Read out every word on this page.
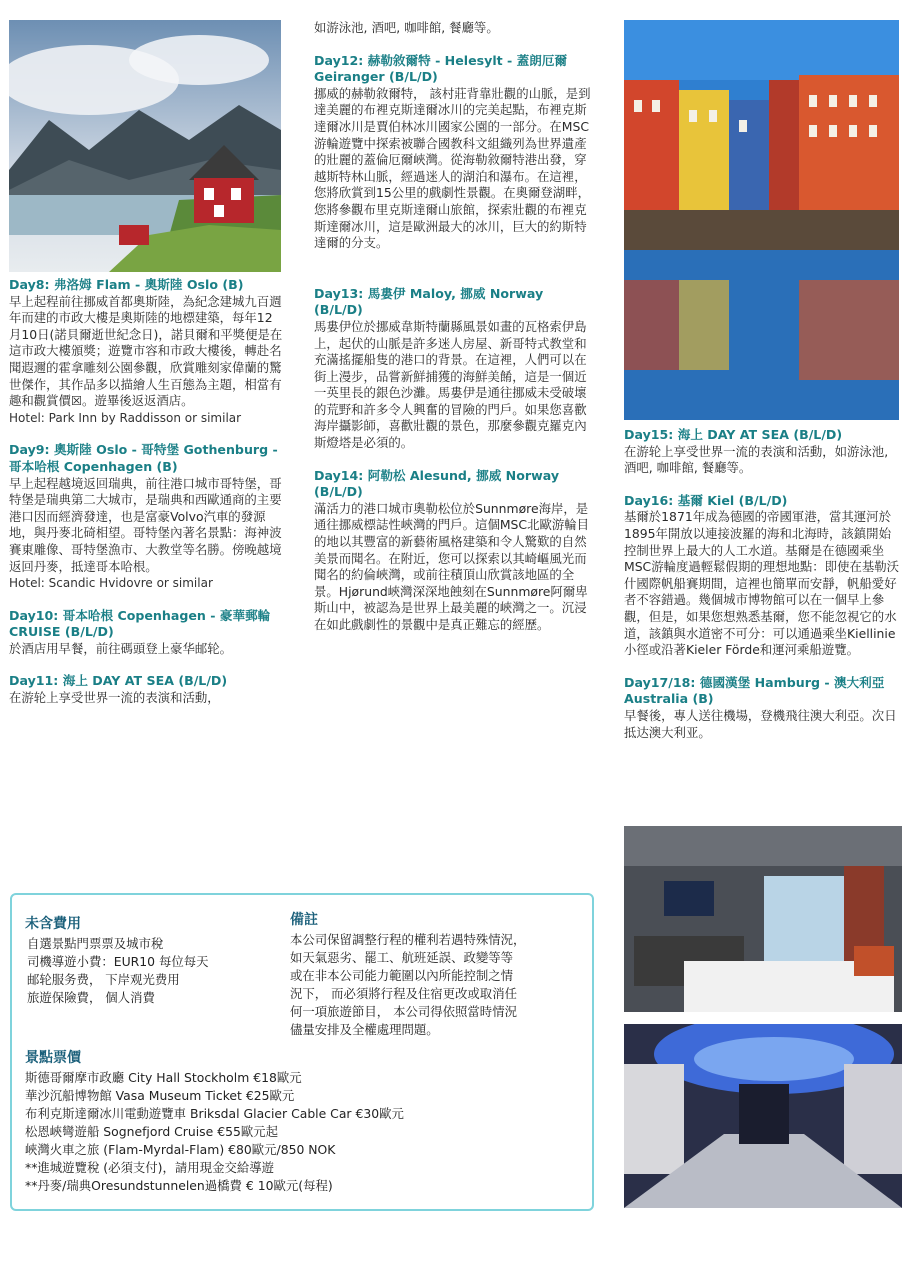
Day8: 弗洛姆 Flam - 奧斯陸 Oslo (B)

早上起程前往挪威首都奧斯陸，為紀念建城九百週年而建的市政大樓是奧斯陸的地標建築，每年12月10日(諾貝爾逝世紀念日)，諾貝爾和平獎便是在這市政大樓頒獎；遊覽市容和市政大樓後，轉赴名聞遐邇的霍拿雕刻公園參觀，欣賞雕刻家偉蘭的驚世傑作，其作品多以描繪人生百態為主題，相當有趣和觀賞價☒。遊畢後返返酒店。

Hotel: Park Inn by Raddisson or similar

Day9: 奧斯陸 Oslo - 哥特堡 Gothenburg - 哥本哈根 Copenhagen (B)

早上起程越境返回瑞典，前往港口城市哥特堡，哥特堡是瑞典第二大城市，是瑞典和西歐通商的主要港口因而經濟發達，也是富豪Volvo汽車的發源地，與丹麥北碕相望。哥特堡內著名景點：海神波賽東雕像、哥特堡漁市、大教堂等名勝。傍晚越境返回丹麥，抵達哥本哈根。

Hotel: Scandic Hvidovre or similar

Day10: 哥本哈根 Copenhagen - 豪華郵輪 CRUISE (B/L/D)

於酒店用早餐，前往碼頭登上豪华邮轮。

Day11: 海上 DAY AT SEA (B/L/D)

在游轮上享受世界一流的表演和活動，

如游泳池, 酒吧, 咖啡館, 餐廳等。

Day12: 赫勒敘爾特 - Helesylt - 蓋朗厄爾 Geiranger (B/L/D)

挪威的赫勒敘爾特， 該村莊背靠壯觀的山脈，是到達美麗的布裡克斯達爾冰川的完美起點，布裡克斯達爾冰川是賈伯林冰川國家公園的一部分。在MSC游輪遊覽中探索被聯合國教科文組織列為世界遺產的壯麗的蓋倫厄爾峽灣。從海勒敘爾特港出發，穿越斯特林山脈，經過迷人的湖泊和瀑布。在這裡，您將欣賞到15公里的戲劇性景觀。在奧爾登湖畔，您將參觀布里克斯達爾山旅館，探索壯觀的布裡克斯達爾冰川，這是歐洲最大的冰川，巨大的約斯特達爾的分支。

Day13: 馬婁伊 Maloy, 挪威 Norway (B/L/D)

馬婁伊位於挪威韋斯特蘭縣風景如畫的瓦格索伊島上，起伏的山脈是許多迷人房屋、新哥特式教堂和充滿搖擺船隻的港口的背景。在這裡，人們可以在街上漫步，品嘗新鮮捕獲的海鮮美餚，這是一個近一英里長的銀色沙灘。馬婁伊是通往挪威未受破壞的荒野和許多令人興奮的冒險的門戶。如果您喜歡海岸攝影師，喜歡壯觀的景色，那麼參觀克羅克內斯燈塔是必須的。

Day14: 阿勒松 Alesund, 挪威 Norway (B/L/D)

滿活力的港口城市奧勒松位於Sunnmøre海岸，是通往挪威標誌性峽灣的門戶。這個MSC北歐游輪目的地以其豐富的新藝術風格建築和令人驚歎的自然美景而聞名。在附近，您可以探索以其崎嶇風光而聞名的約倫峽灣，或前往積頂山欣賞該地區的全景。Hjørund峽灣深深地蝕刻在Sunnmøre阿爾卑斯山中，被認為是世界上最美麗的峽灣之一。沉浸在如此戲劇性的景觀中是真正難忘的經歷。

Day15: 海上 DAY AT SEA (B/L/D)

在游轮上享受世界一流的表演和活動，如游泳池, 酒吧, 咖啡館, 餐廳等。

Day16: 基爾 Kiel (B/L/D)

基爾於1871年成為德國的帝國軍港，當其運河於1895年開放以連接波羅的海和北海時，該鎮開始控制世界上最大的人工水道。基爾是在德國乘坐MSC游輪度過輕鬆假期的理想地點：即使在基勒沃什國際帆船賽期間，這裡也簡單而安靜，帆船愛好者不容錯過。幾個城市博物館可以在一個早上參觀，但是，如果您想熟悉基爾，您不能忽視它的水道，該鎮與水道密不可分：可以通過乘坐Kiellinie小徑或沿著Kieler Förde和運河乘船遊覽。

Day17/18: 德國漢堡 Hamburg - 澳大利亞 Australia (B)

早餐後，專人送往機場，登機飛往澳大利亞。次日抵达澳大利亚。

未含費用
自選景點門票票及城市稅
司機導遊小費：EUR10 每位每天
邮轮服务费， 下岸观光费用
旅遊保險費， 個人消費
備註
本公司保留調整行程的權利若遇特殊情況，
如天氣惡劣、罷工、航班延誤、政變等等
或在非本公司能力範圍以內所能控制之情
況下， 而必須將行程及住宿更改或取消任
何一項旅遊節目， 本公司得依照當時情況
儘量安排及全權處理問題。
景點票價
斯德哥爾摩市政廳 City Hall Stockholm €18歐元
華沙沉船博物館 Vasa Museum Ticket €25歐元
布利克斯達爾冰川電動遊覽車 Briksdal Glacier Cable Car €30歐元
松恩峽彎遊船 Sognefjord Cruise €55歐元起
峽灣火車之旅 (Flam-Myrdal-Flam) €80歐元/850 NOK
**進城遊覽稅 (必須支付)，請用現金交給導遊
**丹麥/瑞典Oresundstunnelen過橋費 € 10歐元(每程)
